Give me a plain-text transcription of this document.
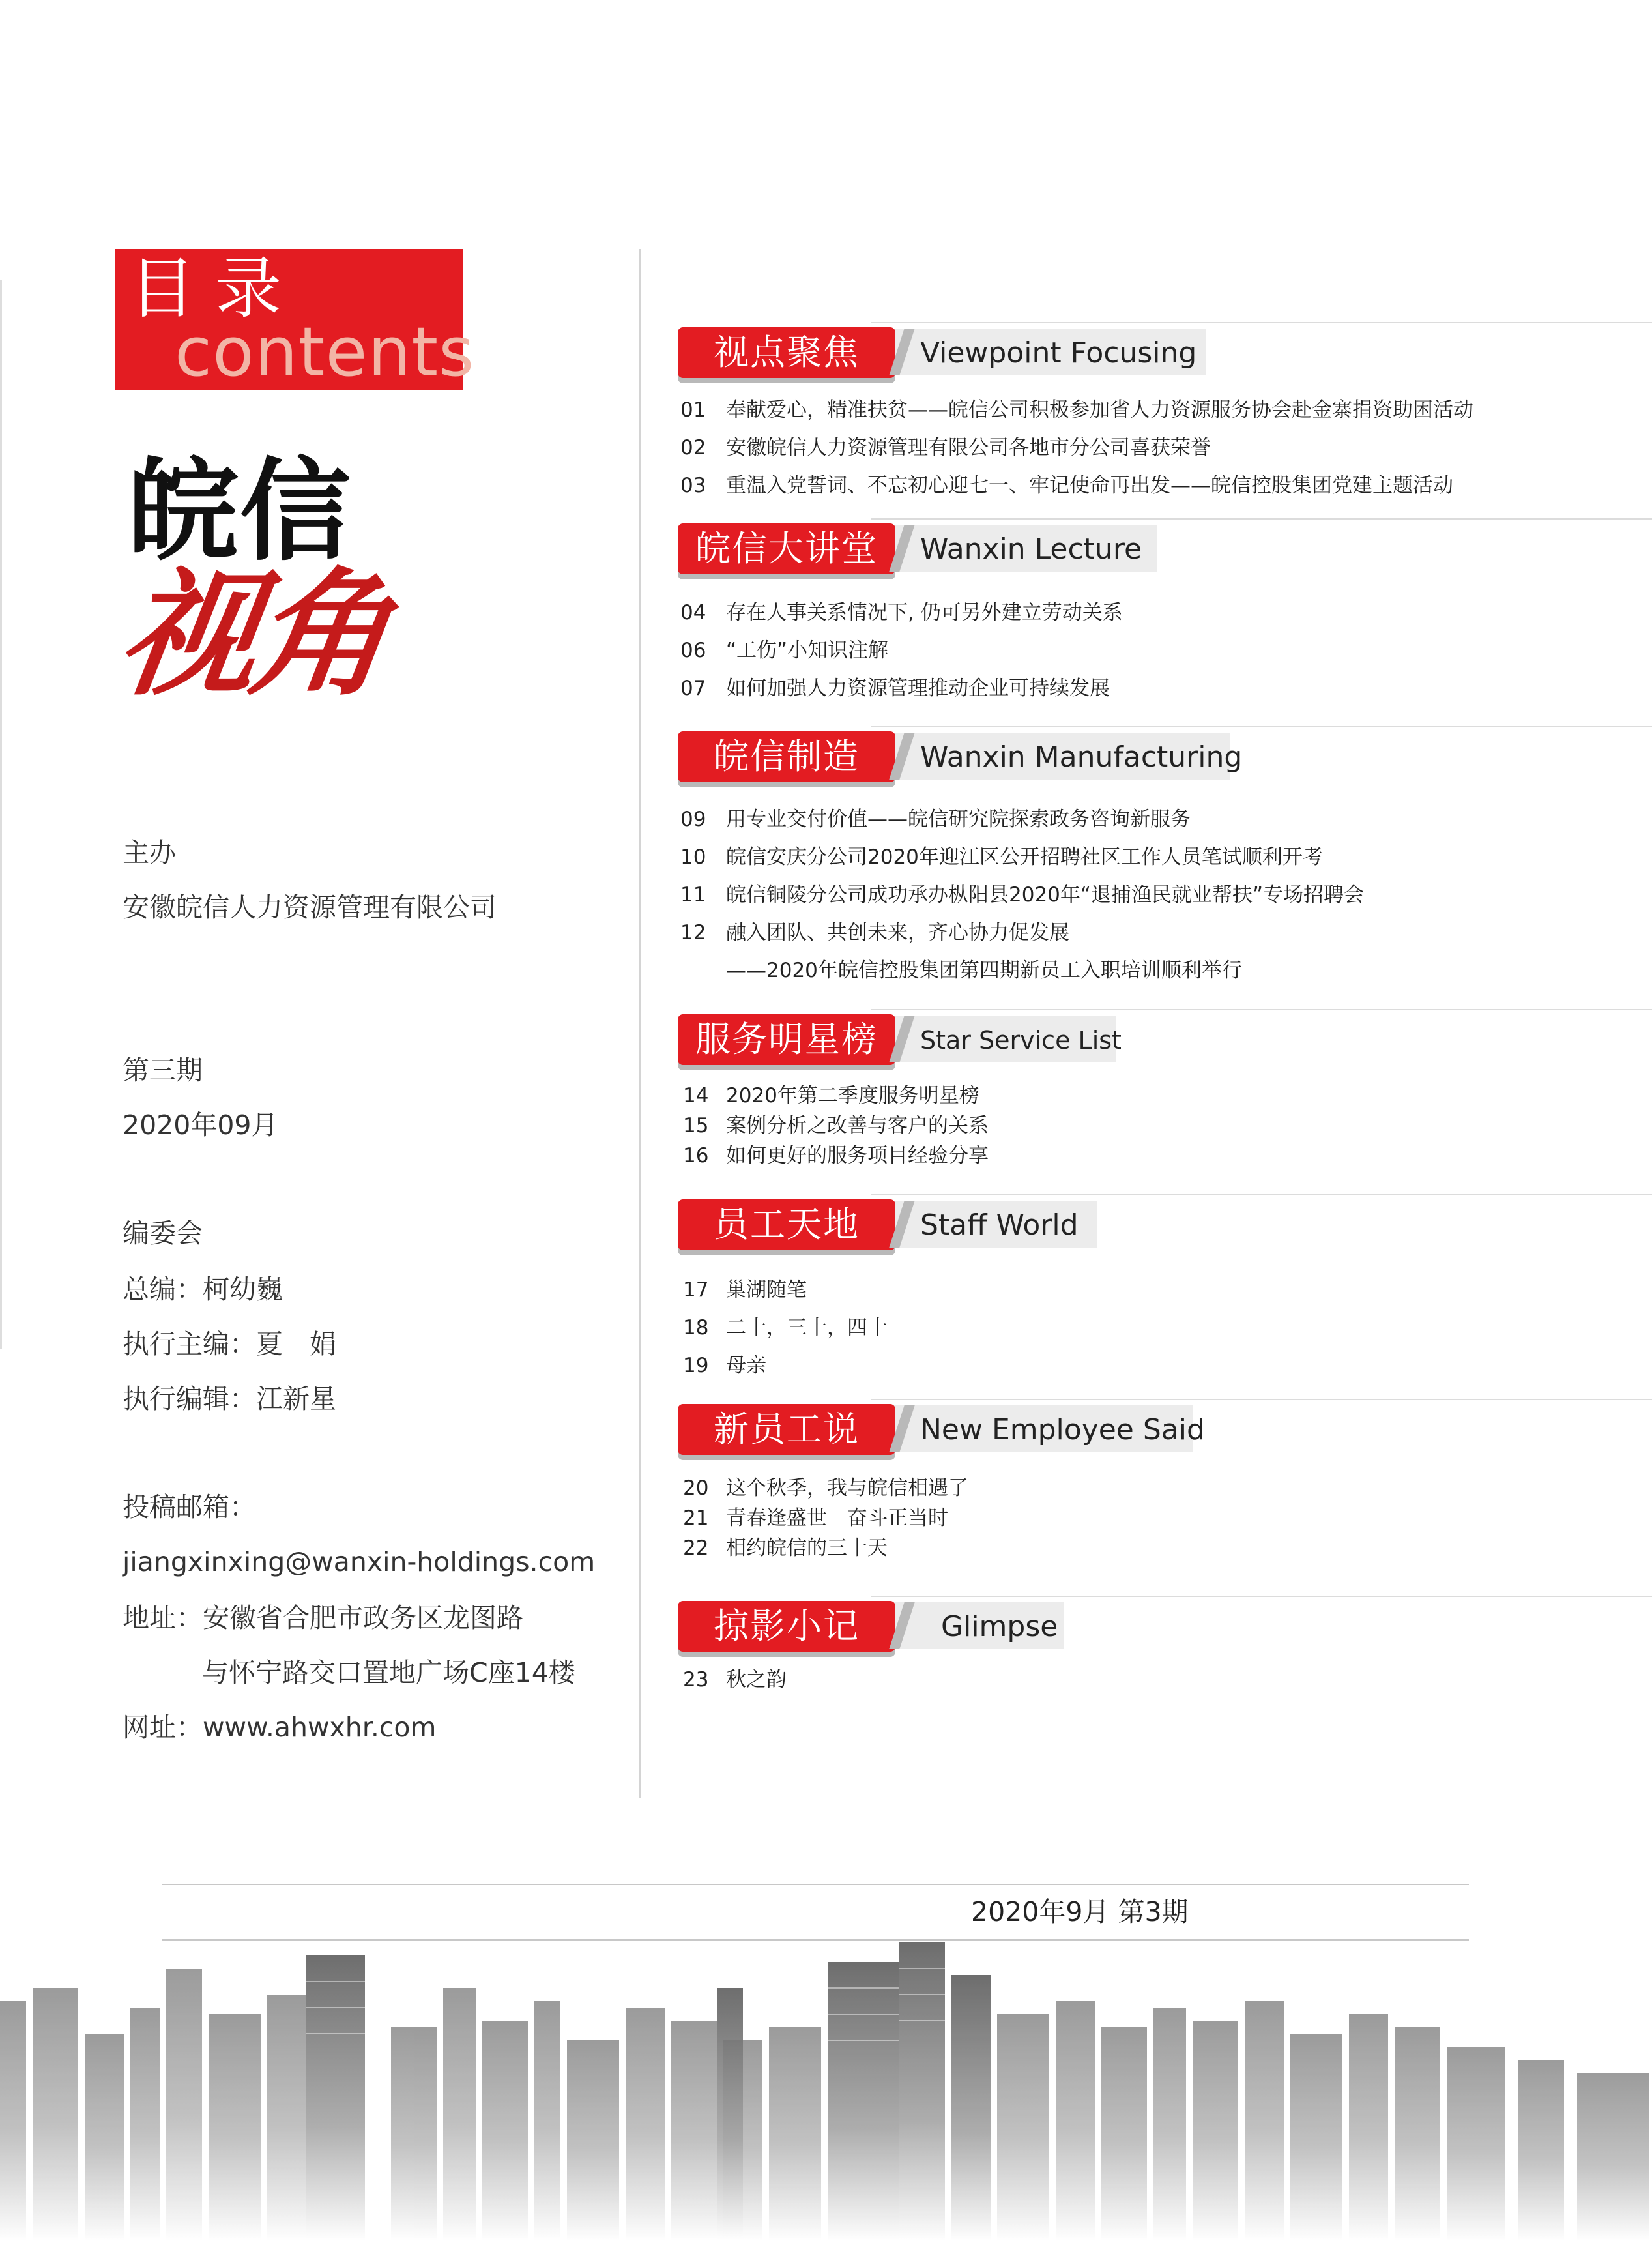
目录
contents
皖信
视角
主办
安徽皖信人力资源管理有限公司
第三期
2020年09月
编委会
总编：柯幼巍
执行主编：夏　娟
执行编辑：江新星
投稿邮箱：
jiangxinxing@wanxin-holdings.com
地址：安徽省合肥市政务区龙图路
与怀宁路交口置地广场C座14楼
网址：www.ahwxhr.com
视点聚焦	Viewpoint Focusing
01 奉献爱心，精准扶贫——皖信公司积极参加省人力资源服务协会赴金寨捐资助困活动
02 安徽皖信人力资源管理有限公司各地市分公司喜获荣誉
03 重温入党誓词、不忘初心迎七一、牢记使命再出发——皖信控股集团党建主题活动
皖信大讲堂	Wanxin Lecture
04 存在人事关系情况下, 仍可另外建立劳动关系
06 “工伤”小知识注解
07 如何加强人力资源管理推动企业可持续发展
皖信制造	Wanxin Manufacturing
09 用专业交付价值——皖信研究院探索政务咨询新服务
10 皖信安庆分公司2020年迎江区公开招聘社区工作人员笔试顺利开考
11 皖信铜陵分公司成功承办枞阳县2020年“退捕渔民就业帮扶”专场招聘会
12 融入团队、共创未来，齐心协力促发展
——2020年皖信控股集团第四期新员工入职培训顺利举行
服务明星榜	Star Service List
14 2020年第二季度服务明星榜
15 案例分析之改善与客户的关系
16 如何更好的服务项目经验分享
员工天地	Staff World
17 巢湖随笔
18 二十，三十，四十
19 母亲
新员工说	New Employee Said
20 这个秋季，我与皖信相遇了
21 青春逢盛世　奋斗正当时
22 相约皖信的三十天
掠影小记	Glimpse
23 秋之韵
2020年9月 第3期
